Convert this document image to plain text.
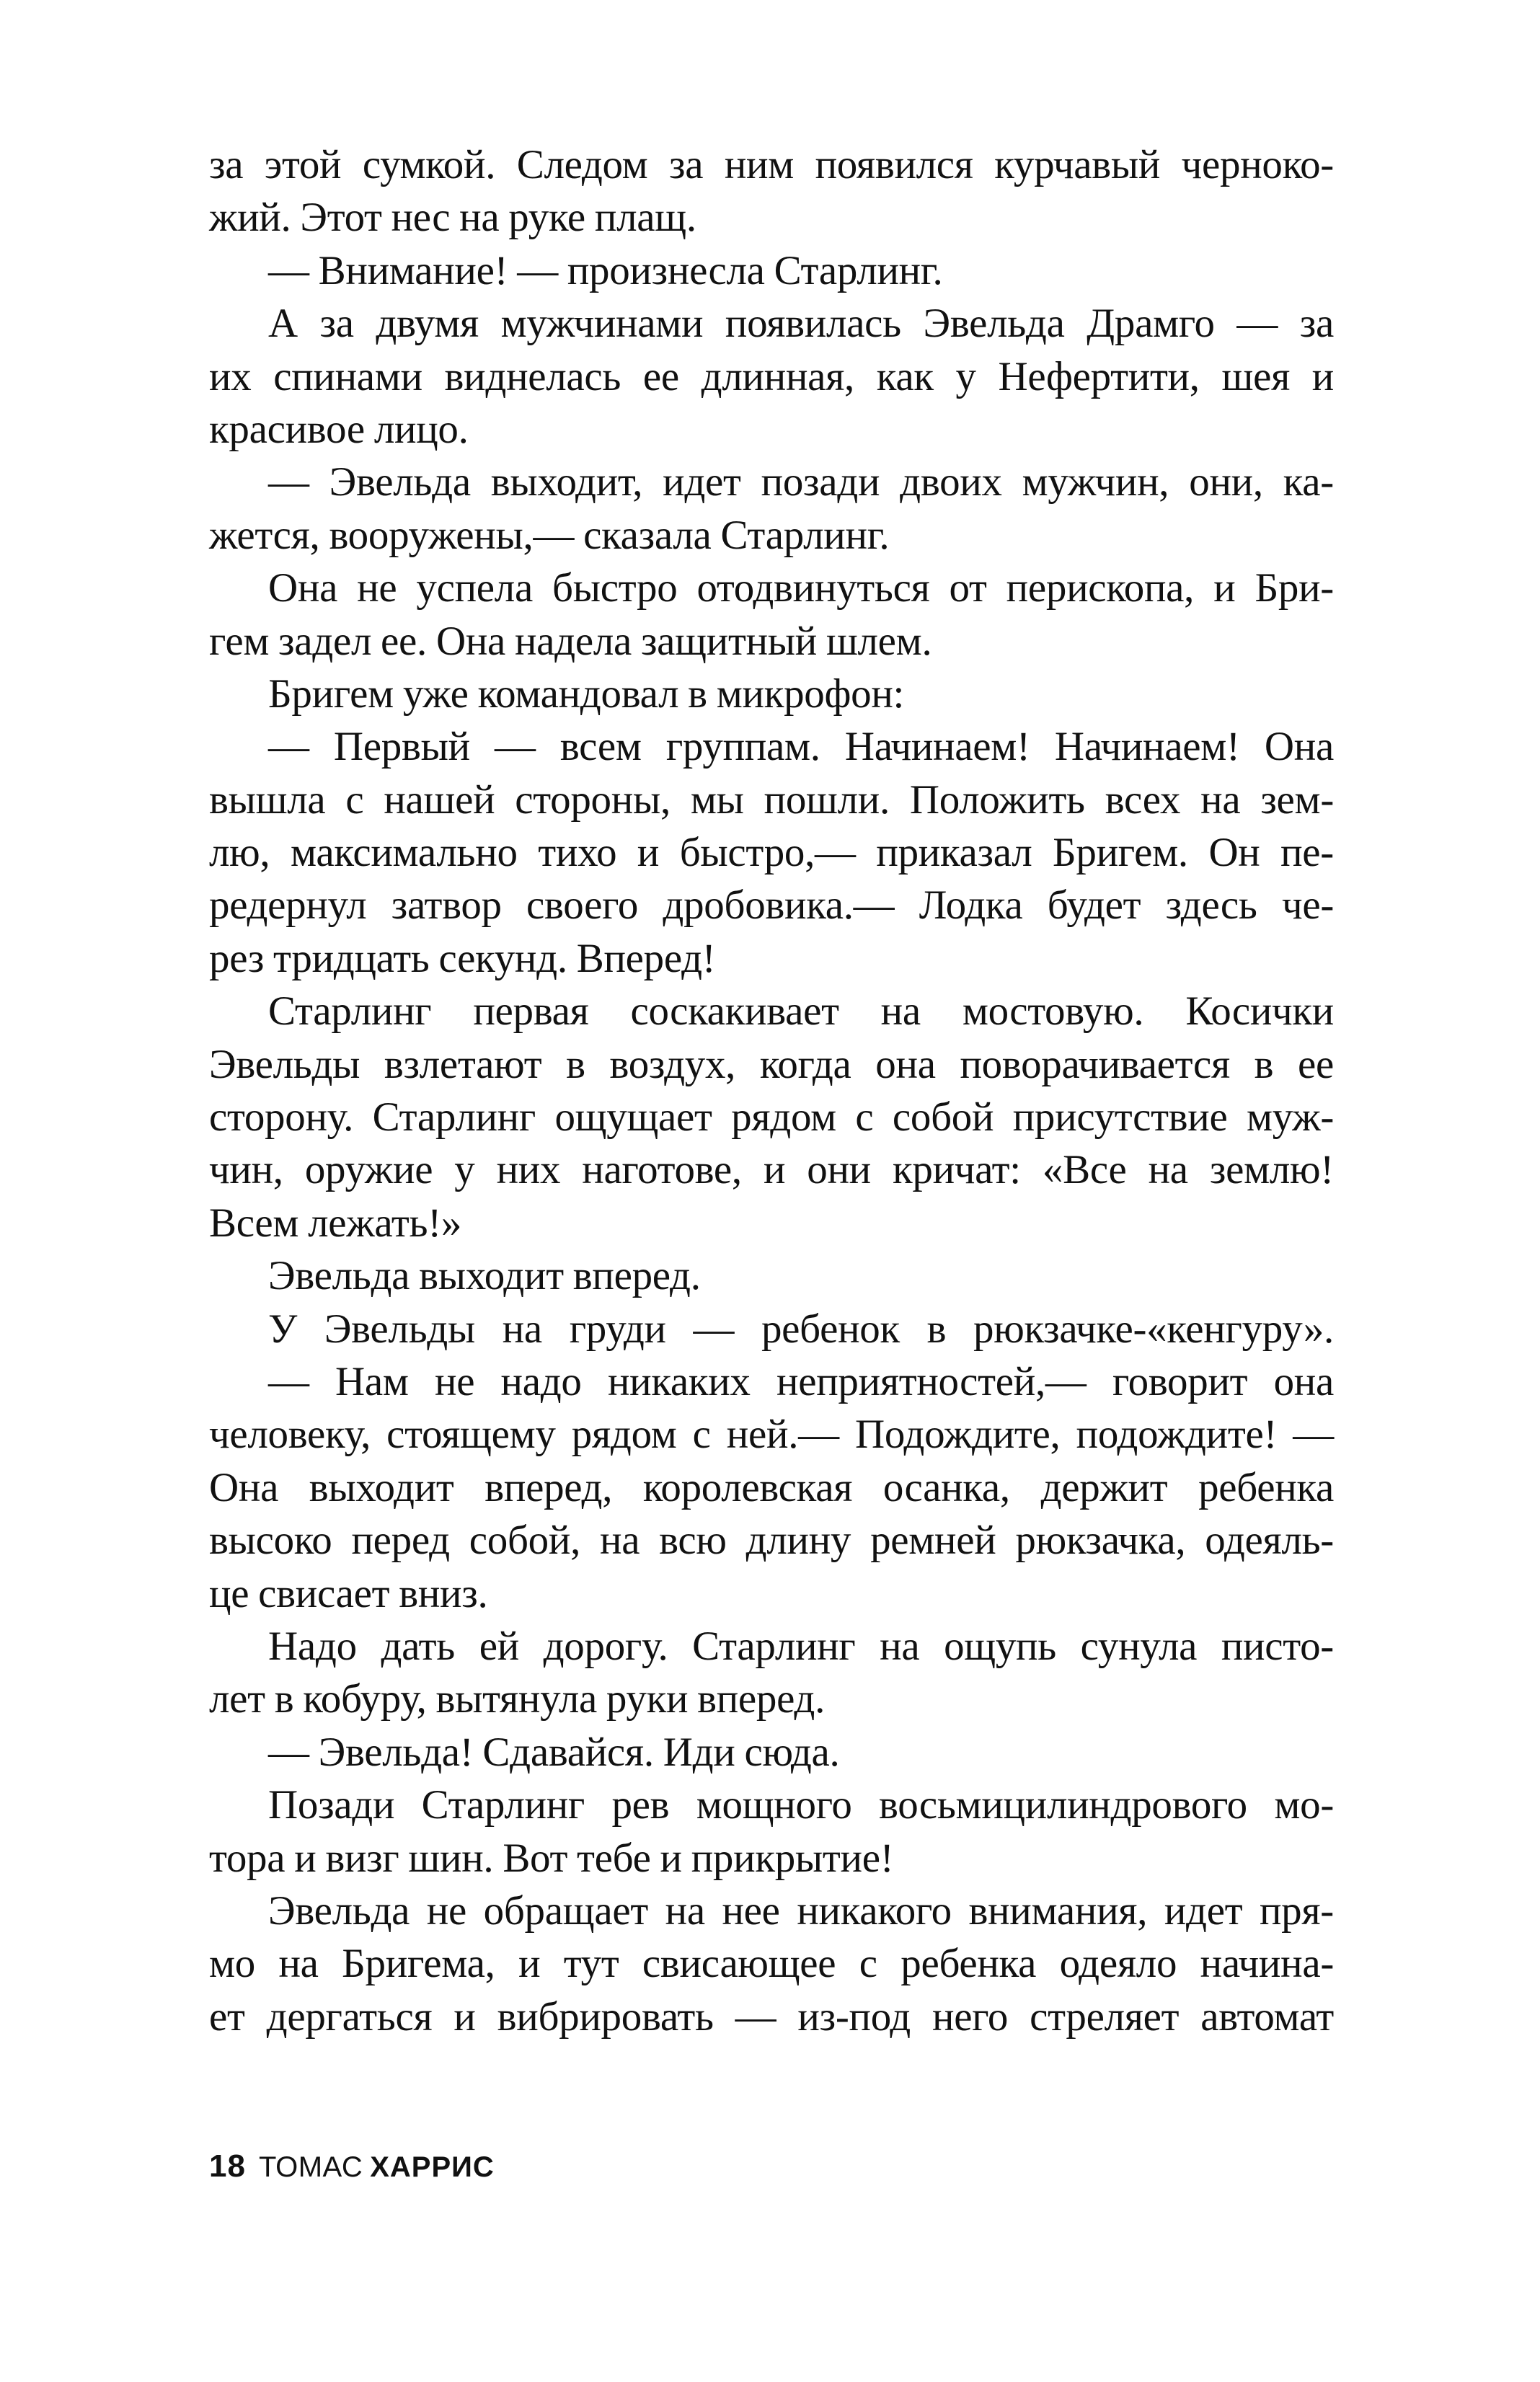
за этой сумкой. Следом за ним появился курчавый черноко-
жий. Этот нес на руке плащ.
— Внимание! — произнесла Старлинг.
А за двумя мужчинами появилась Эвельда Драмго — за
их спинами виднелась ее длинная, как у Нефертити, шея и
красивое лицо.
— Эвельда выходит, идет позади двоих мужчин, они, ка-
жется, вооружены,— сказала Старлинг.
Она не успела быстро отодвинуться от перископа, и Бри-
гем задел ее. Она надела защитный шлем.
Бригем уже командовал в микрофон:
— Первый — всем группам. Начинаем! Начинаем! Она
вышла с нашей стороны, мы пошли. Положить всех на зем-
лю, максимально тихо и быстро,— приказал Бригем. Он пе-
редернул затвор своего дробовика.— Лодка будет здесь че-
рез тридцать секунд. Вперед!
Старлинг первая соскакивает на мостовую. Косички
Эвельды взлетают в воздух, когда она поворачивается в ее
сторону. Старлинг ощущает рядом с собой присутствие муж-
чин, оружие у них наготове, и они кричат: «Все на землю!
Всем лежать!»
Эвельда выходит вперед.
У Эвельды на груди — ребенок в рюкзачке-«кенгуру».
— Нам не надо никаких неприятностей,— говорит она
человеку, стоящему рядом с ней.— Подождите, подождите! —
Она выходит вперед, королевская осанка, держит ребенка
высоко перед собой, на всю длину ремней рюкзачка, одеяль-
це свисает вниз.
Надо дать ей дорогу. Старлинг на ощупь сунула писто-
лет в кобуру, вытянула руки вперед.
— Эвельда! Сдавайся. Иди сюда.
Позади Старлинг рев мощного восьмицилиндрового мо-
тора и визг шин. Вот тебе и прикрытие!
Эвельда не обращает на нее никакого внимания, идет пря-
мо на Бригема, и тут свисающее с ребенка одеяло начина-
ет дергаться и вибрировать — из-под него стреляет автомат
18 ТОМАС ХАРРИС
